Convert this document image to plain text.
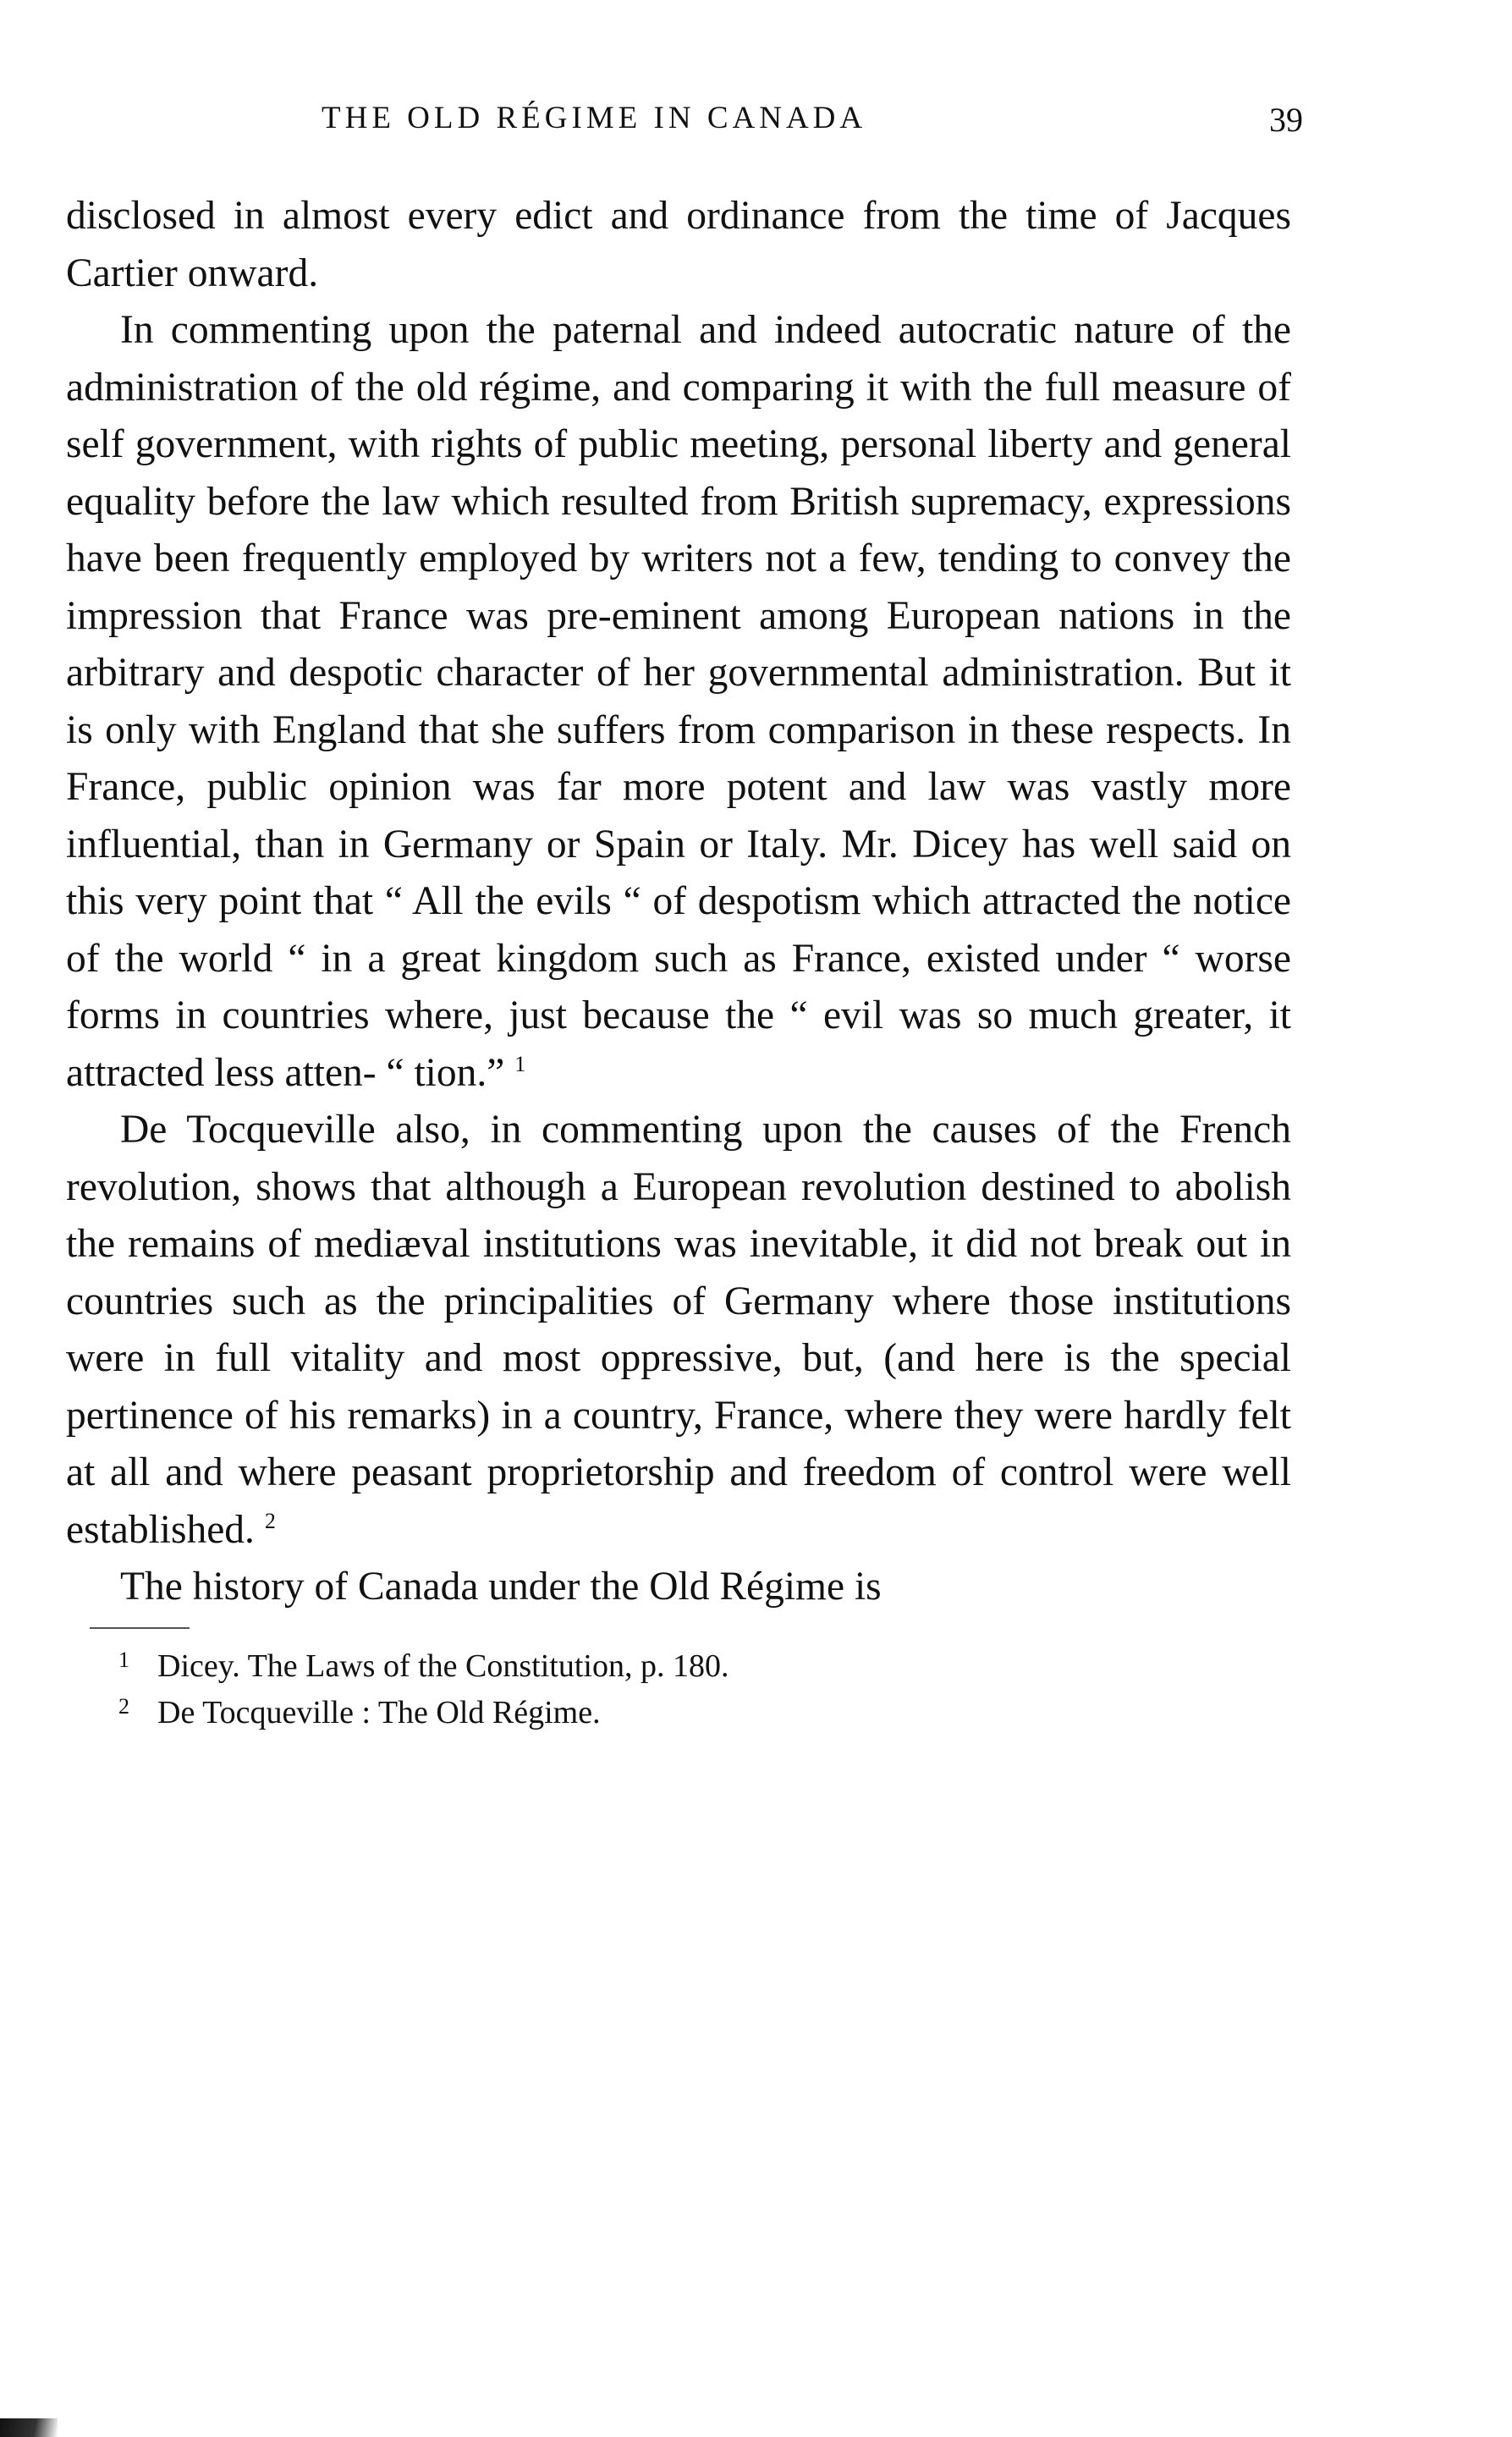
THE OLD RÉGIME IN CANADA	39

disclosed in almost every edict and ordinance from the time of Jacques Cartier onward.

In commenting upon the paternal and indeed autocratic nature of the administration of the old régime, and comparing it with the full measure of self government, with rights of public meeting, personal liberty and general equality before the law which resulted from British supremacy, expressions have been frequently employed by writers not a few, tending to convey the impression that France was pre-eminent among European nations in the arbitrary and despotic character of her governmental administration. But it is only with England that she suffers from comparison in these respects. In France, public opinion was far more potent and law was vastly more influential, than in Germany or Spain or Italy. Mr. Dicey has well said on this very point that “ All the evils “ of despotism which attracted the notice of the world “ in a great kingdom such as France, existed under “ worse forms in countries where, just because the “ evil was so much greater, it attracted less atten- “ tion.” $^1$

De Tocqueville also, in commenting upon the causes of the French revolution, shows that although a European revolution destined to abolish the remains of mediæval institutions was inevitable, it did not break out in countries such as the principalities of Germany where those institutions were in full vitality and most oppressive, but, (and here is the special pertinence of his remarks) in a country, France, where they were hardly felt at all and where peasant proprietorship and freedom of control were well established. $^2$

The history of Canada under the Old Régime is

1 Dicey. The Laws of the Constitution, p. 180.
2 De Tocqueville : The Old Régime.
